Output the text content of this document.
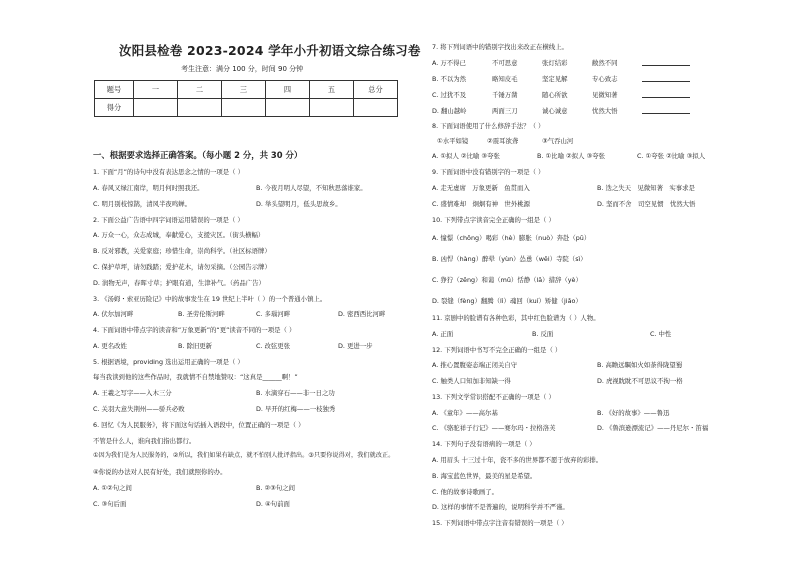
汝阳县检卷 2023-2024 学年小升初语文综合练习卷
考生注意：满分 100 分，时间 90 分钟
题号	一	二	三	四	五	总分
得分						
一、根据要求选择正确答案。（每小题 2 分，共 30 分）
1. 下面“月”的诗句中没有表达思念之情的一项是（ ）
A. 春风又绿江南岸，明月何时照我还。	B. 今夜月明人尽望，不知秋思落谁家。
C. 明月别枝惊鹊，清风半夜鸣蝉。	D. 举头望明月，低头思故乡。
2. 下面公益广告语中四字词语运用错误的一项是（ ）
A. 万众一心，众志成城，奉献爱心，支援灾区。（街头横幅）
B. 反对邪教，关爱家庭；珍惜生命，崇尚科学。（社区标语牌）
C. 保护草坪，请勿践踏；爱护花木，请勿采摘。（公园告示牌）
D. 润物无声，春晖寸草；护眼有道，生津补气。（药品广告）
3. 《汤姆・索亚历险记》中的故事发生在 19 世纪上半叶（ ）的一个普通小镇上。
A. 伏尔加河畔	B. 圣劳伦斯河畔	C. 多瑙河畔	D. 密西西比河畔
4. 下面词语中带点字的读音和“万象更新”的“更”读音不同的一项是（ ）
A. 更名改姓	B. 除旧更新	C. 改弦更张	D. 更进一步
5. 根据语境，providing 选出运用正确的一项是（ ）
每当我读到他的这些作品时，我就情不自禁地赞叹：“这真是______啊！”
A. 王羲之写字——入木三分	B. 水滴穿石——非一日之功
C. 关羽大意失荆州——骄兵必败	D. 早开的红梅——一枝独秀
6. 回忆《为人民服务》，将下面这句话插入语段中，位置正确的一项是（ ）
不管是什么人，谁向我们指出都行。
①因为我们是为人民服务的，②所以，我们如果有缺点，就不怕别人批评指出。③只要你说得对，我们就改正。
④你说的办法对人民有好处，我们就照你的办。
A. ①②句之间	B. ②③句之间
C. ③句后面	D. ④句前面
7. 将下列词语中的错别字找出来改正在横线上。
A. 万不得已	不可思意	张灯结彩	敝然不同
B. 不以为然	略知皮毛	坚定见解	专心致志
C. 过犹不及	千锤万凿	随心所欲	见微知著
D. 翻山越岭	两面三刀	诚心诚意	忧然大悟
8. 下面词语使用了什么修辞手法？（ ）
①水平如镜	②震耳欲聋	③气吞山河
A. ①拟人 ②比喻 ③夸张	B. ①比喻 ②拟人 ③夸张	C. ①夸张 ②比喻 ③拟人
9. 下面词语中没有错别字的一项是（ ）
A. 走无虚席　万象更新　鱼贯而入	B. 迭之失天　见微知著　实事求是
C. 盛情难却　炯炯有神　世外桃源	D. 坚而不舍　司空见惯　忧然大悟
10. 下列带点字读音完全正确的一组是（ ）
A. 憧憬（chōng）喝彩（hè）膨胀（nuò）奔赴（pū）
B. 凶悍（hàng）醉晕（yùn）怂恿（wěi）寺院（sì）
C. 狰狞（zēng）和蔼（mǔ）恬静（lā）措辞（yè）
D. 裂缝（fèng）翻腾（lì）魂回（kuí）矫健（jiǎo）
11. 京剧中的脸谱有各种色彩，其中红色脸谱为（ ）人物。
A. 正面	B. 反面	C. 中性
12. 下列词语中书写不完全正确的一组是（ ）
A. 推心置腹姿态端正闭关自守	B. 高瞻远瞩如火如荼得陇望蜀
C. 触类人口知加非知缺一得	D. 虎视眈眈不可思议不拘一格
13. 下列文学常识搭配不正确的一项是（ ）
A. 《童年》——高尔基	B. 《好的故事》——鲁迅
C. 《骆驼祥子行记》——赛尔玛・拉格洛芙	D. 《鲁滨逊漂流记》——丹尼尔・笛福
14. 下列句子没有语病的一项是（ ）
A. 用眉头 十三过十年，瓷不多的世界都不愿于放弃的彩排。
B. 海宝蓝色世界，最美的星是希望。
C. 他的故事诗歌画了。
D. 这样的事情不是普遍的，说明科学并不严谨。
15. 下列词语中带点字注音有错误的一项是（ ）
